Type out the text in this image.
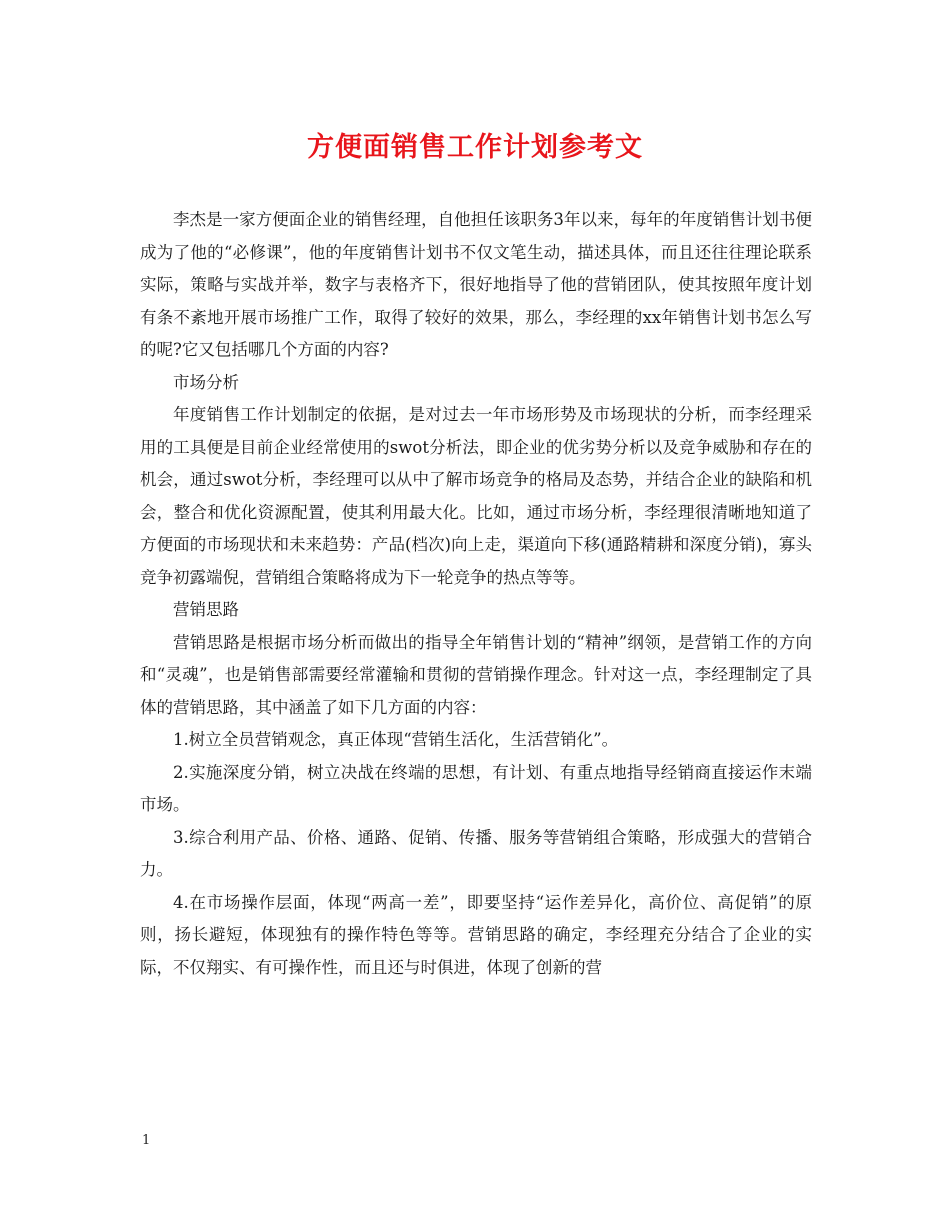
方便面销售工作计划参考文

李杰是一家方便面企业的销售经理，自他担任该职务3年以来，每年的年度销售计划书便成为了他的“必修课”，他的年度销售计划书不仅文笔生动，描述具体，而且还往往理论联系实际，策略与实战并举，数字与表格齐下，很好地指导了他的营销团队，使其按照年度计划有条不紊地开展市场推广工作，取得了较好的效果，那么，李经理的xx年销售计划书怎么写的呢?它又包括哪几个方面的内容?

市场分析

年度销售工作计划制定的依据，是对过去一年市场形势及市场现状的分析，而李经理采用的工具便是目前企业经常使用的swot分析法，即企业的优劣势分析以及竞争威胁和存在的机会，通过swot分析，李经理可以从中了解市场竞争的格局及态势，并结合企业的缺陷和机会，整合和优化资源配置，使其利用最大化。比如，通过市场分析，李经理很清晰地知道了方便面的市场现状和未来趋势：产品(档次)向上走，渠道向下移(通路精耕和深度分销)，寡头竞争初露端倪，营销组合策略将成为下一轮竞争的热点等等。

营销思路

营销思路是根据市场分析而做出的指导全年销售计划的“精神”纲领，是营销工作的方向和“灵魂”，也是销售部需要经常灌输和贯彻的营销操作理念。针对这一点，李经理制定了具体的营销思路，其中涵盖了如下几方面的内容：

1.树立全员营销观念，真正体现“营销生活化，生活营销化”。

2.实施深度分销，树立决战在终端的思想，有计划、有重点地指导经销商直接运作末端市场。

3.综合利用产品、价格、通路、促销、传播、服务等营销组合策略，形成强大的营销合力。

4.在市场操作层面，体现“两高一差”，即要坚持“运作差异化，高价位、高促销”的原则，扬长避短，体现独有的操作特色等等。营销思路的确定，李经理充分结合了企业的实际，不仅翔实、有可操作性，而且还与时俱进，体现了创新的营

1
